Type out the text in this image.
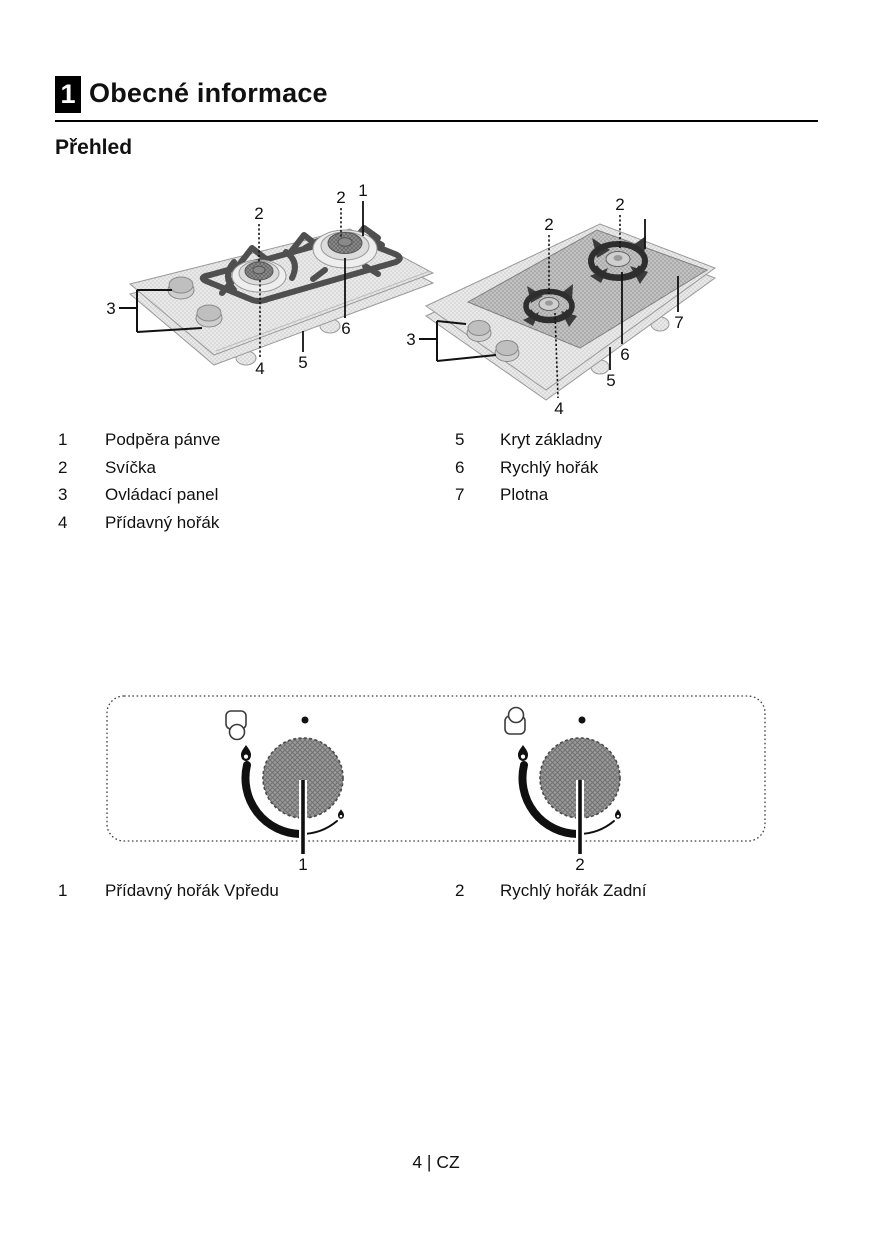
1 Obecné informace
Přehled
2
2 1
3
4 5
6
2
2
3
4
5
6
7
1	Podpěra pánve
2	Svíčka
3	Ovládací panel
4	Přídavný hořák
5	Kryt základny
6	Rychlý hořák
7	Plotna
1	2
1	Přídavný hořák Vpředu	2	Rychlý hořák Zadní
4 | CZ
